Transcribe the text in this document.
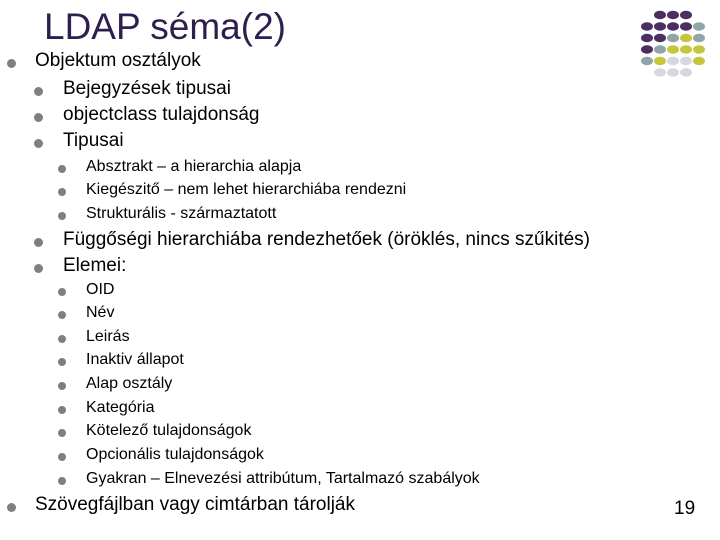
LDAP séma(2)
Objektum osztályok
Bejegyzések tipusai
objectclass tulajdonság
Tipusai
Absztrakt – a hierarchia alapja
Kiegészitő – nem lehet hierarchiába rendezni
Strukturális - származtatott
Függőségi hierarchiába rendezhetőek (öröklés, nincs szűkités)
Elemei:
OID
Név
Leirás
Inaktiv állapot
Alap osztály
Kategória
Kötelező tulajdonságok
Opcionális tulajdonságok
Gyakran – Elnevezési attribútum, Tartalmazó szabályok
Szövegfájlban vagy cimtárban tárolják	19
